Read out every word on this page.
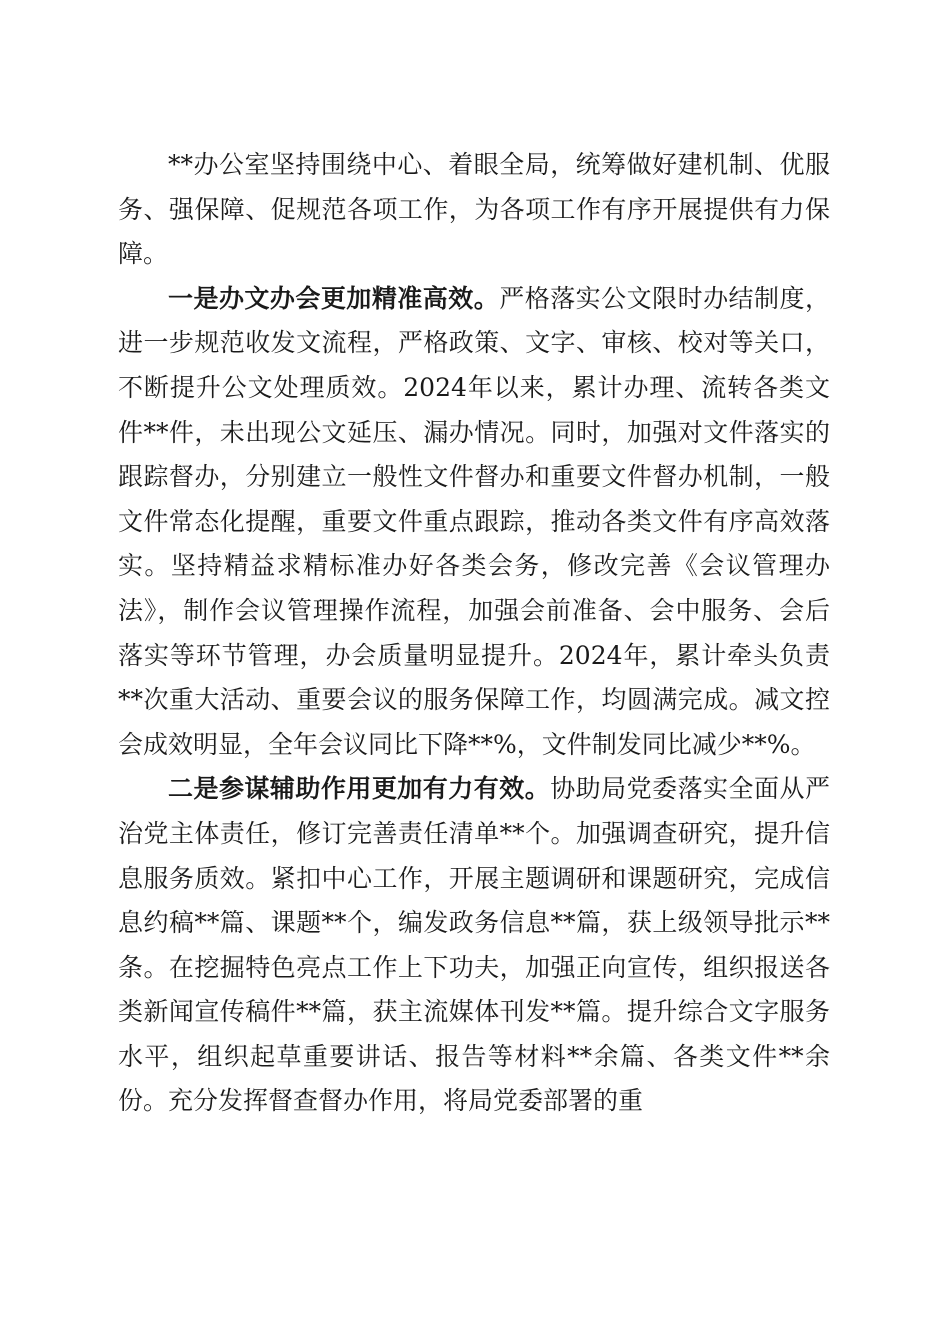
**办公室坚持围绕中心、着眼全局，统筹做好建机制、优服务、强保障、促规范各项工作，为各项工作有序开展提供有力保障。

一是办文办会更加精准高效。严格落实公文限时办结制度，进一步规范收发文流程，严格政策、文字、审核、校对等关口，不断提升公文处理质效。2024年以来，累计办理、流转各类文件**件，未出现公文延压、漏办情况。同时，加强对文件落实的跟踪督办，分别建立一般性文件督办和重要文件督办机制，一般文件常态化提醒，重要文件重点跟踪，推动各类文件有序高效落实。坚持精益求精标准办好各类会务，修改完善《会议管理办法》，制作会议管理操作流程，加强会前准备、会中服务、会后落实等环节管理，办会质量明显提升。2024年，累计牵头负责**次重大活动、重要会议的服务保障工作，均圆满完成。减文控会成效明显，全年会议同比下降**%，文件制发同比减少**%。

二是参谋辅助作用更加有力有效。协助局党委落实全面从严治党主体责任，修订完善责任清单**个。加强调查研究，提升信息服务质效。紧扣中心工作，开展主题调研和课题研究，完成信息约稿**篇、课题**个，编发政务信息**篇，获上级领导批示**条。在挖掘特色亮点工作上下功夫，加强正向宣传，组织报送各类新闻宣传稿件**篇，获主流媒体刊发**篇。提升综合文字服务水平，组织起草重要讲话、报告等材料**余篇、各类文件**余份。充分发挥督查督办作用，将局党委部署的重
